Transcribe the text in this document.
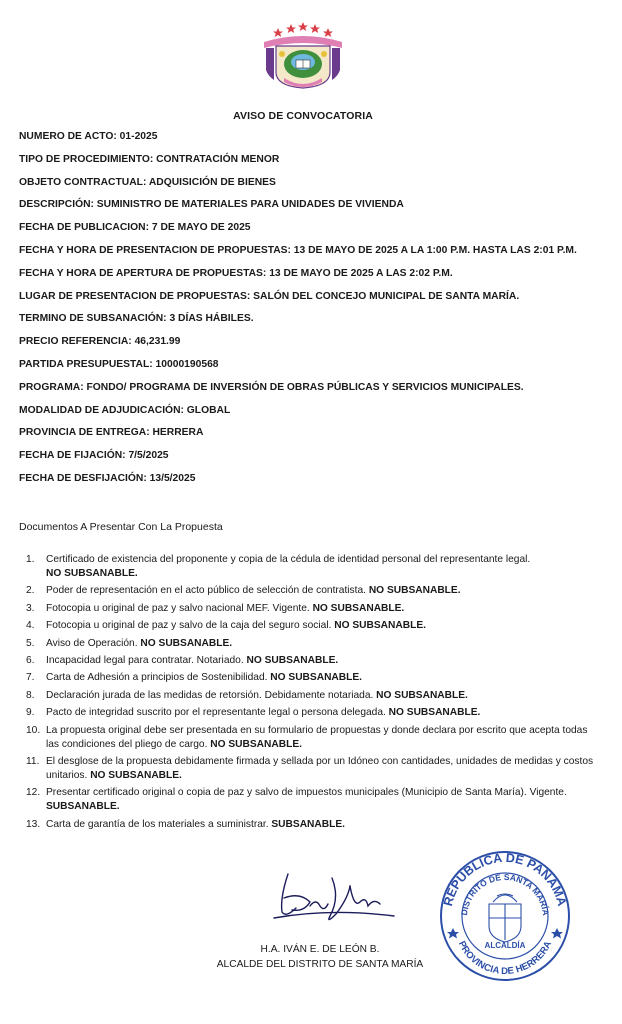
AVISO DE CONVOCATORIA
NUMERO DE ACTO: 01-2025
TIPO DE PROCEDIMIENTO: CONTRATACIÓN MENOR
OBJETO CONTRACTUAL: ADQUISICIÓN DE BIENES
DESCRIPCIÓN: SUMINISTRO DE MATERIALES PARA UNIDADES DE VIVIENDA
FECHA DE PUBLICACION: 7 DE MAYO DE 2025
FECHA Y HORA DE PRESENTACION DE PROPUESTAS: 13 DE MAYO DE 2025 A LA 1:00 P.M. HASTA LAS 2:01 P.M.
FECHA Y HORA DE APERTURA DE PROPUESTAS: 13 DE MAYO DE 2025 A LAS 2:02 P.M.
LUGAR DE PRESENTACION DE PROPUESTAS: SALÓN DEL CONCEJO MUNICIPAL DE SANTA MARÍA.
TERMINO DE SUBSANACIÓN: 3 DÍAS HÁBILES.
PRECIO REFERENCIA: 46,231.99
PARTIDA PRESUPUESTAL: 10000190568
PROGRAMA: FONDO/ PROGRAMA DE INVERSIÓN DE OBRAS PÚBLICAS Y SERVICIOS MUNICIPALES.
MODALIDAD DE ADJUDICACIÓN: GLOBAL
PROVINCIA DE ENTREGA: HERRERA
FECHA DE FIJACIÓN: 7/5/2025
FECHA DE DESFIJACIÓN: 13/5/2025
Documentos A Presentar Con La Propuesta
1.	Certificado de existencia del proponente y copia de la cédula de identidad personal del representante legal.
NO SUBSANABLE.
2.	Poder de representación en el acto público de selección de contratista. NO SUBSANABLE.
3.	Fotocopia u original de paz y salvo nacional MEF. Vigente. NO SUBSANABLE.
4.	Fotocopia u original de paz y salvo de la caja del seguro social. NO SUBSANABLE.
5.	Aviso de Operación. NO SUBSANABLE.
6.	Incapacidad legal para contratar. Notariado. NO SUBSANABLE.
7.	Carta de Adhesión a principios de Sostenibilidad. NO SUBSANABLE.
8.	Declaración jurada de las medidas de retorsión. Debidamente notariada. NO SUBSANABLE.
9.	Pacto de integridad suscrito por el representante legal o persona delegada. NO SUBSANABLE.
10. La propuesta original debe ser presentada en su formulario de propuestas y donde declara por escrito que acepta todas las condiciones del pliego de cargo. NO SUBSANABLE.
11. El desglose de la propuesta debidamente firmada y sellada por un Idóneo con cantidades, unidades de medidas y costos unitarios. NO SUBSANABLE.
12. Presentar certificado original o copia de paz y salvo de impuestos municipales (Municipio de Santa María). Vigente. SUBSANABLE.
13. Carta de garantía de los materiales a suministrar. SUBSANABLE.
H.A. IVÁN E. DE LEÓN B.
ALCALDE DEL DISTRITO DE SANTA MARÍA
REPÚBLICA DE PANAMÁ
DISTRITO DE SANTA MARÍA
PROVINCIA DE HERRERA
ALCALDÍA
